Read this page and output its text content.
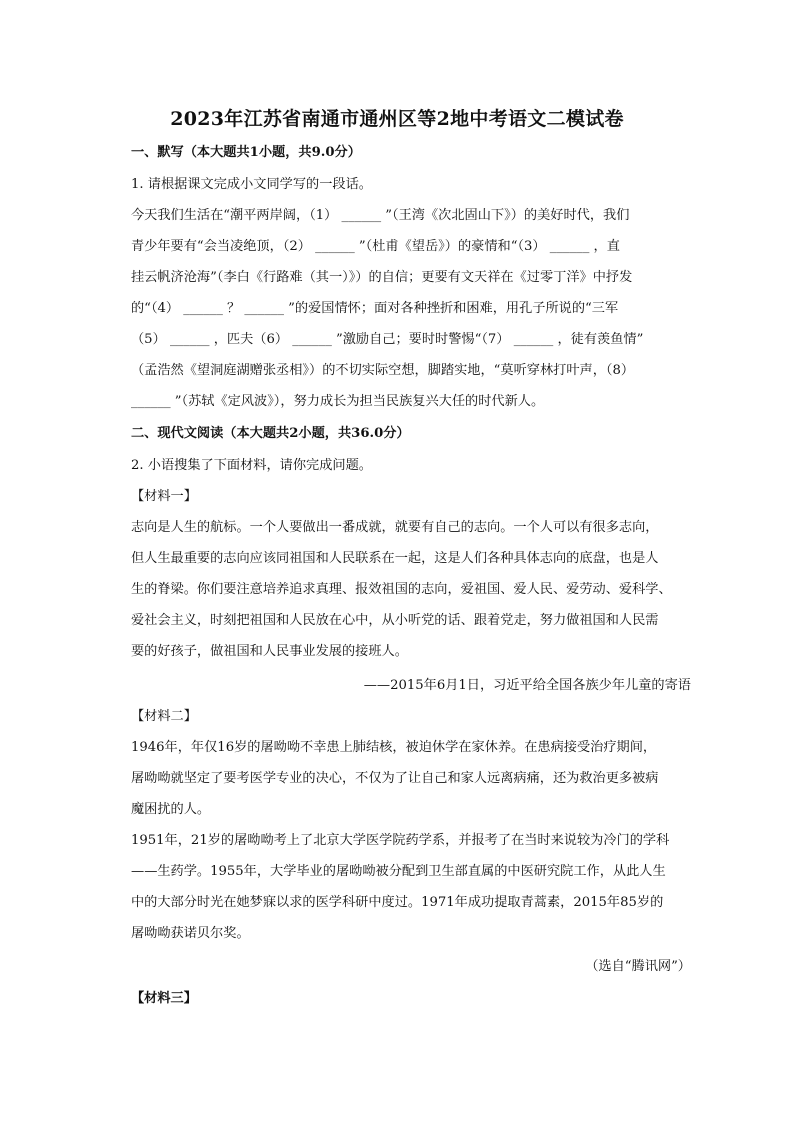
2023年江苏省南通市通州区等2地中考语文二模试卷
一、默写（本大题共1小题，共9.0分）
1. 请根据课文完成小文同学写的一段话。
今天我们生活在“潮平两岸阔，（1） ______ ”（王湾《次北固山下》）的美好时代，我们
青少年要有“会当凌绝顶，（2） ______ ”（杜甫《望岳》）的豪情和“（3） ______ ，直
挂云帆济沧海”（李白《行路难（其一）》）的自信；更要有文天祥在《过零丁洋》中抒发
的“（4） ______ ？ ______ ”的爱国情怀；面对各种挫折和困难，用孔子所说的“三军
（5） ______ ，匹夫（6） ______ ”激励自己；要时时警惕“（7） ______ ，徒有羡鱼情”
（孟浩然《望洞庭湖赠张丞相》）的不切实际空想，脚踏实地，“莫听穿林打叶声，（8）
______ ”（苏轼《定风波》），努力成长为担当民族复兴大任的时代新人。
二、现代文阅读（本大题共2小题，共36.0分）
2. 小语搜集了下面材料，请你完成问题。
【材料一】
志向是人生的航标。一个人要做出一番成就，就要有自己的志向。一个人可以有很多志向，
但人生最重要的志向应该同祖国和人民联系在一起，这是人们各种具体志向的底盘，也是人
生的脊梁。你们要注意培养追求真理、报效祖国的志向，爱祖国、爱人民、爱劳动、爱科学、
爱社会主义，时刻把祖国和人民放在心中，从小听党的话、跟着党走，努力做祖国和人民需
要的好孩子，做祖国和人民事业发展的接班人。
——2015年6月1日，习近平给全国各族少年儿童的寄语
【材料二】
1946年，年仅16岁的屠呦呦不幸患上肺结核，被迫休学在家休养。在患病接受治疗期间，
屠呦呦就坚定了要考医学专业的决心，不仅为了让自己和家人远离病痛，还为救治更多被病
魔困扰的人。
1951年，21岁的屠呦呦考上了北京大学医学院药学系，并报考了在当时来说较为冷门的学科
——生药学。1955年，大学毕业的屠呦呦被分配到卫生部直属的中医研究院工作，从此人生
中的大部分时光在她梦寐以求的医学科研中度过。1971年成功提取青蒿素，2015年85岁的
屠呦呦获诺贝尔奖。
（选自“腾讯网”）
【材料三】
